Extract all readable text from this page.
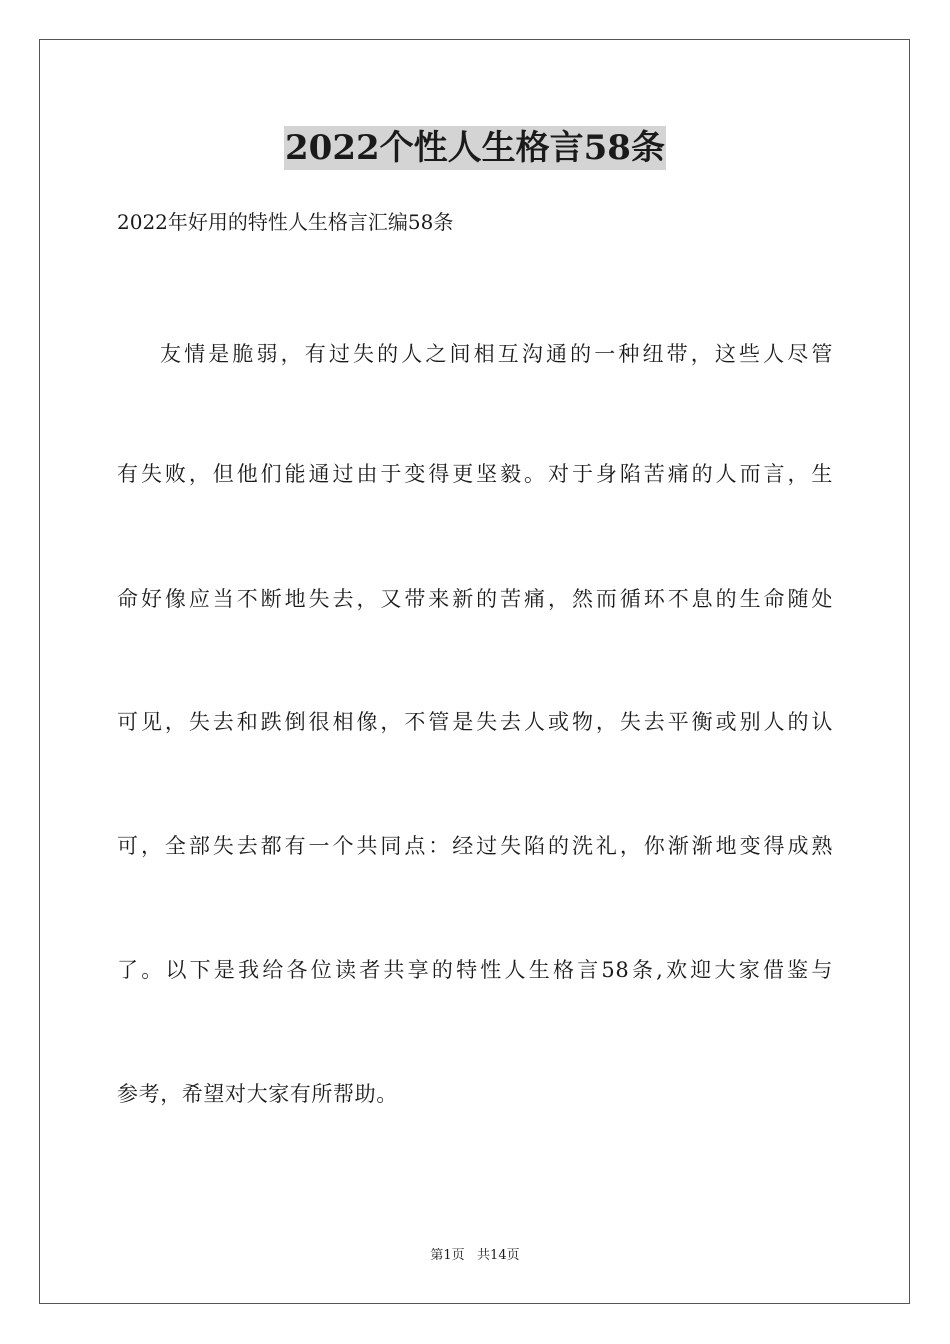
2022个性人生格言58条
2022年好用的特性人生格言汇编58条
友情是脆弱，有过失的人之间相互沟通的一种纽带，这些人尽管
有失败，但他们能通过由于变得更坚毅。对于身陷苦痛的人而言，生
命好像应当不断地失去，又带来新的苦痛，然而循环不息的生命随处
可见，失去和跌倒很相像，不管是失去人或物，失去平衡或别人的认
可，全部失去都有一个共同点：经过失陷的洗礼，你渐渐地变得成熟
了。以下是我给各位读者共享的特性人生格言58条,欢迎大家借鉴与
参考，希望对大家有所帮助。
第1页   共14页
